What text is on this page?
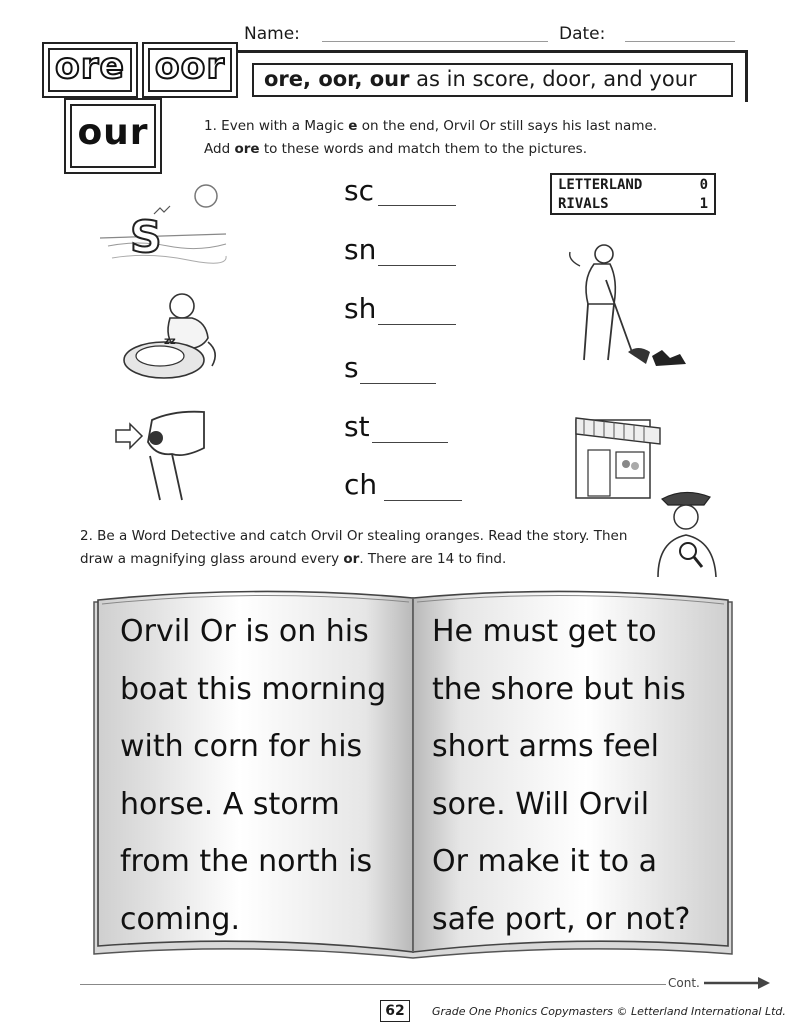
Name:	Date:
ore oor
our
ore, oor, our as in score, door, and your
1. Even with a Magic e on the end, Orvil Or still says his last name.
Add ore to these words and match them to the pictures.
sc
sn
sh
s
st
ch
LETTERLAND	0
RIVALS	1
S
zz
2. Be a Word Detective and catch Orvil Or stealing oranges. Read the story. Then
draw a magnifying glass around every or. There are 14 to find.
Orvil Or is on his
boat this morning
with corn for his
horse. A storm
from the north is
coming.
He must get to
the shore but his
short arms feel
sore. Will Orvil
Or make it to a
safe port, or not?
Cont.
62	Grade One Phonics Copymasters © Letterland International Ltd.
